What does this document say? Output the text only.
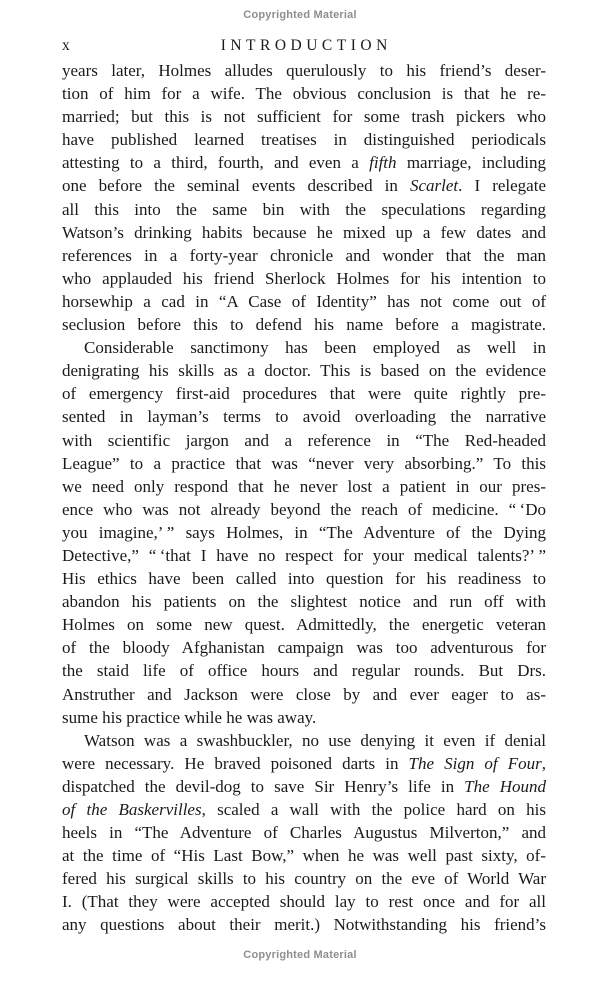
Copyrighted Material
x	INTRODUCTION
years later, Holmes alludes querulously to his friend’s deser-
tion of him for a wife. The obvious conclusion is that he re-
married; but this is not sufficient for some trash pickers who
have published learned treatises in distinguished periodicals
attesting to a third, fourth, and even a fifth marriage, including
one before the seminal events described in Scarlet. I relegate
all this into the same bin with the speculations regarding
Watson’s drinking habits because he mixed up a few dates and
references in a forty-year chronicle and wonder that the man
who applauded his friend Sherlock Holmes for his intention to
horsewhip a cad in “A Case of Identity” has not come out of
seclusion before this to defend his name before a magistrate.
Considerable sanctimony has been employed as well in
denigrating his skills as a doctor. This is based on the evidence
of emergency first-aid procedures that were quite rightly pre-
sented in layman’s terms to avoid overloading the narrative
with scientific jargon and a reference in “The Red-headed
League” to a practice that was “never very absorbing.” To this
we need only respond that he never lost a patient in our pres-
ence who was not already beyond the reach of medicine. “ ‘Do
you imagine,’ ” says Holmes, in “The Adventure of the Dying
Detective,” “ ‘that I have no respect for your medical talents?’ ”
His ethics have been called into question for his readiness to
abandon his patients on the slightest notice and run off with
Holmes on some new quest. Admittedly, the energetic veteran
of the bloody Afghanistan campaign was too adventurous for
the staid life of office hours and regular rounds. But Drs.
Anstruther and Jackson were close by and ever eager to as-
sume his practice while he was away.
Watson was a swashbuckler, no use denying it even if denial
were necessary. He braved poisoned darts in The Sign of Four,
dispatched the devil-dog to save Sir Henry’s life in The Hound
of the Baskervilles, scaled a wall with the police hard on his
heels in “The Adventure of Charles Augustus Milverton,” and
at the time of “His Last Bow,” when he was well past sixty, of-
fered his surgical skills to his country on the eve of World War
I. (That they were accepted should lay to rest once and for all
any questions about their merit.) Notwithstanding his friend’s
Copyrighted Material
